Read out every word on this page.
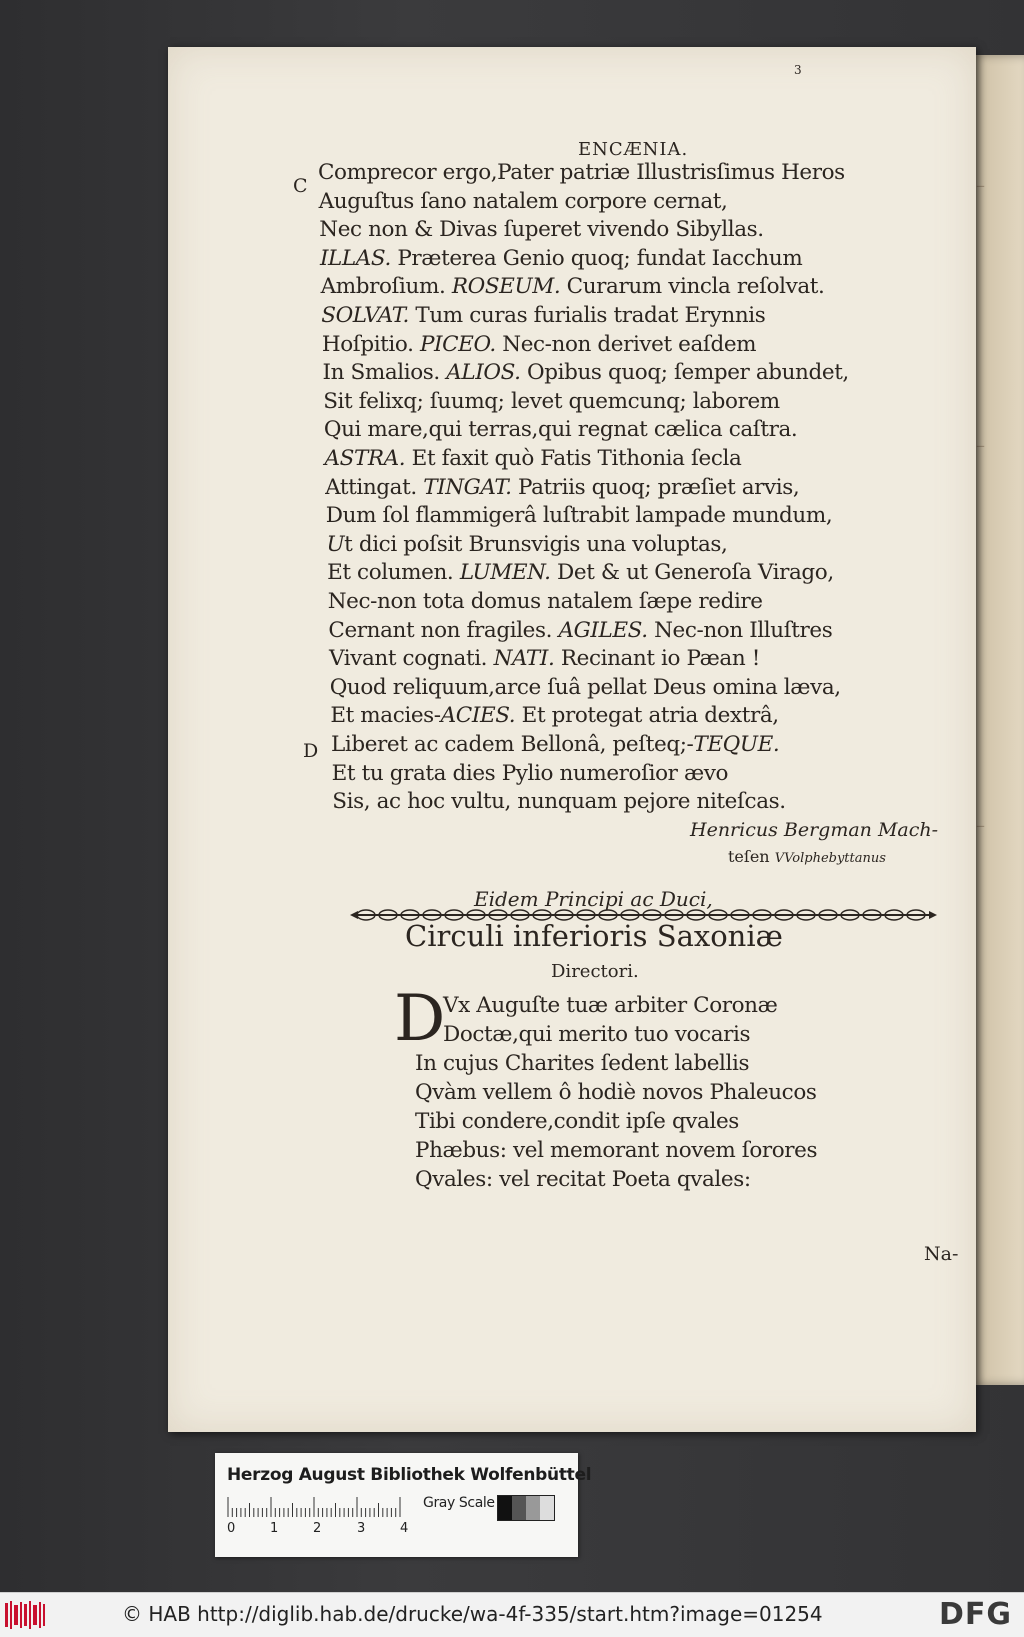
–
–
–
3
ENCÆNIA.
C
D
Comprecor ergo,Pater patriæ Illustrisſimus Heros
Auguſtus ſano natalem corpore cernat,
Nec non & Divas ſuperet vivendo Sibyllas.
ILLAS. Præterea Genio quoq; fundat Iacchum
Ambroſium. ROSEUM. Curarum vincla reſolvat.
SOLVAT. Tum curas furialis tradat Erynnis
Hoſpitio. PICEO. Nec-non derivet eaſdem
In Smalios. ALIOS. Opibus quoq; ſemper abundet,
Sit felixq; ſuumq; levet quemcunq; laborem
Qui mare,qui terras,qui regnat cælica caſtra.
ASTRA. Et faxit quò Fatis Tithonia ſecla
Attingat. TINGAT. Patriis quoq; præſiet arvis,
Dum ſol flammigerâ luſtrabit lampade mundum,
Ut dici poſsit Brunsvigis una voluptas,
Et columen. LUMEN. Det & ut Generoſa Virago,
Nec-non tota domus natalem ſæpe redire
Cernant non fragiles. AGILES. Nec-non Illuſtres
Vivant cognati. NATI. Recinant io Pæan !
Quod reliquum,arce ſuâ pellat Deus omina læva,
Et macies-ACIES. Et protegat atria dextrâ,
Liberet ac cadem Bellonâ, peſteq;-TEQUE.
Et tu grata dies Pylio numeroſior ævo
Sis, ac hoc vultu, nunquam pejore niteſcas.
Henricus Bergman Mach-
teſen VVolphebyttanus
Eidem Principi ac Duci,
Circuli inferioris Saxoniæ
Directori.
D
Vx Auguſte tuæ arbiter Coronæ
Doctæ,qui merito tuo vocaris
In cujus Charites ſedent labellis
Qvàm vellem ô hodiè novos Phaleucos
Tibi condere,condit ipſe qvales
Phæbus: vel memorant novem ſorores
Qvales: vel recitat Poeta qvales:
Na-
Herzog August Bibliothek Wolfenbüttel
0	1	2	3	4
Gray Scale
© HAB http://diglib.hab.de/drucke/wa-4f-335/start.htm?image=01254	DFG
